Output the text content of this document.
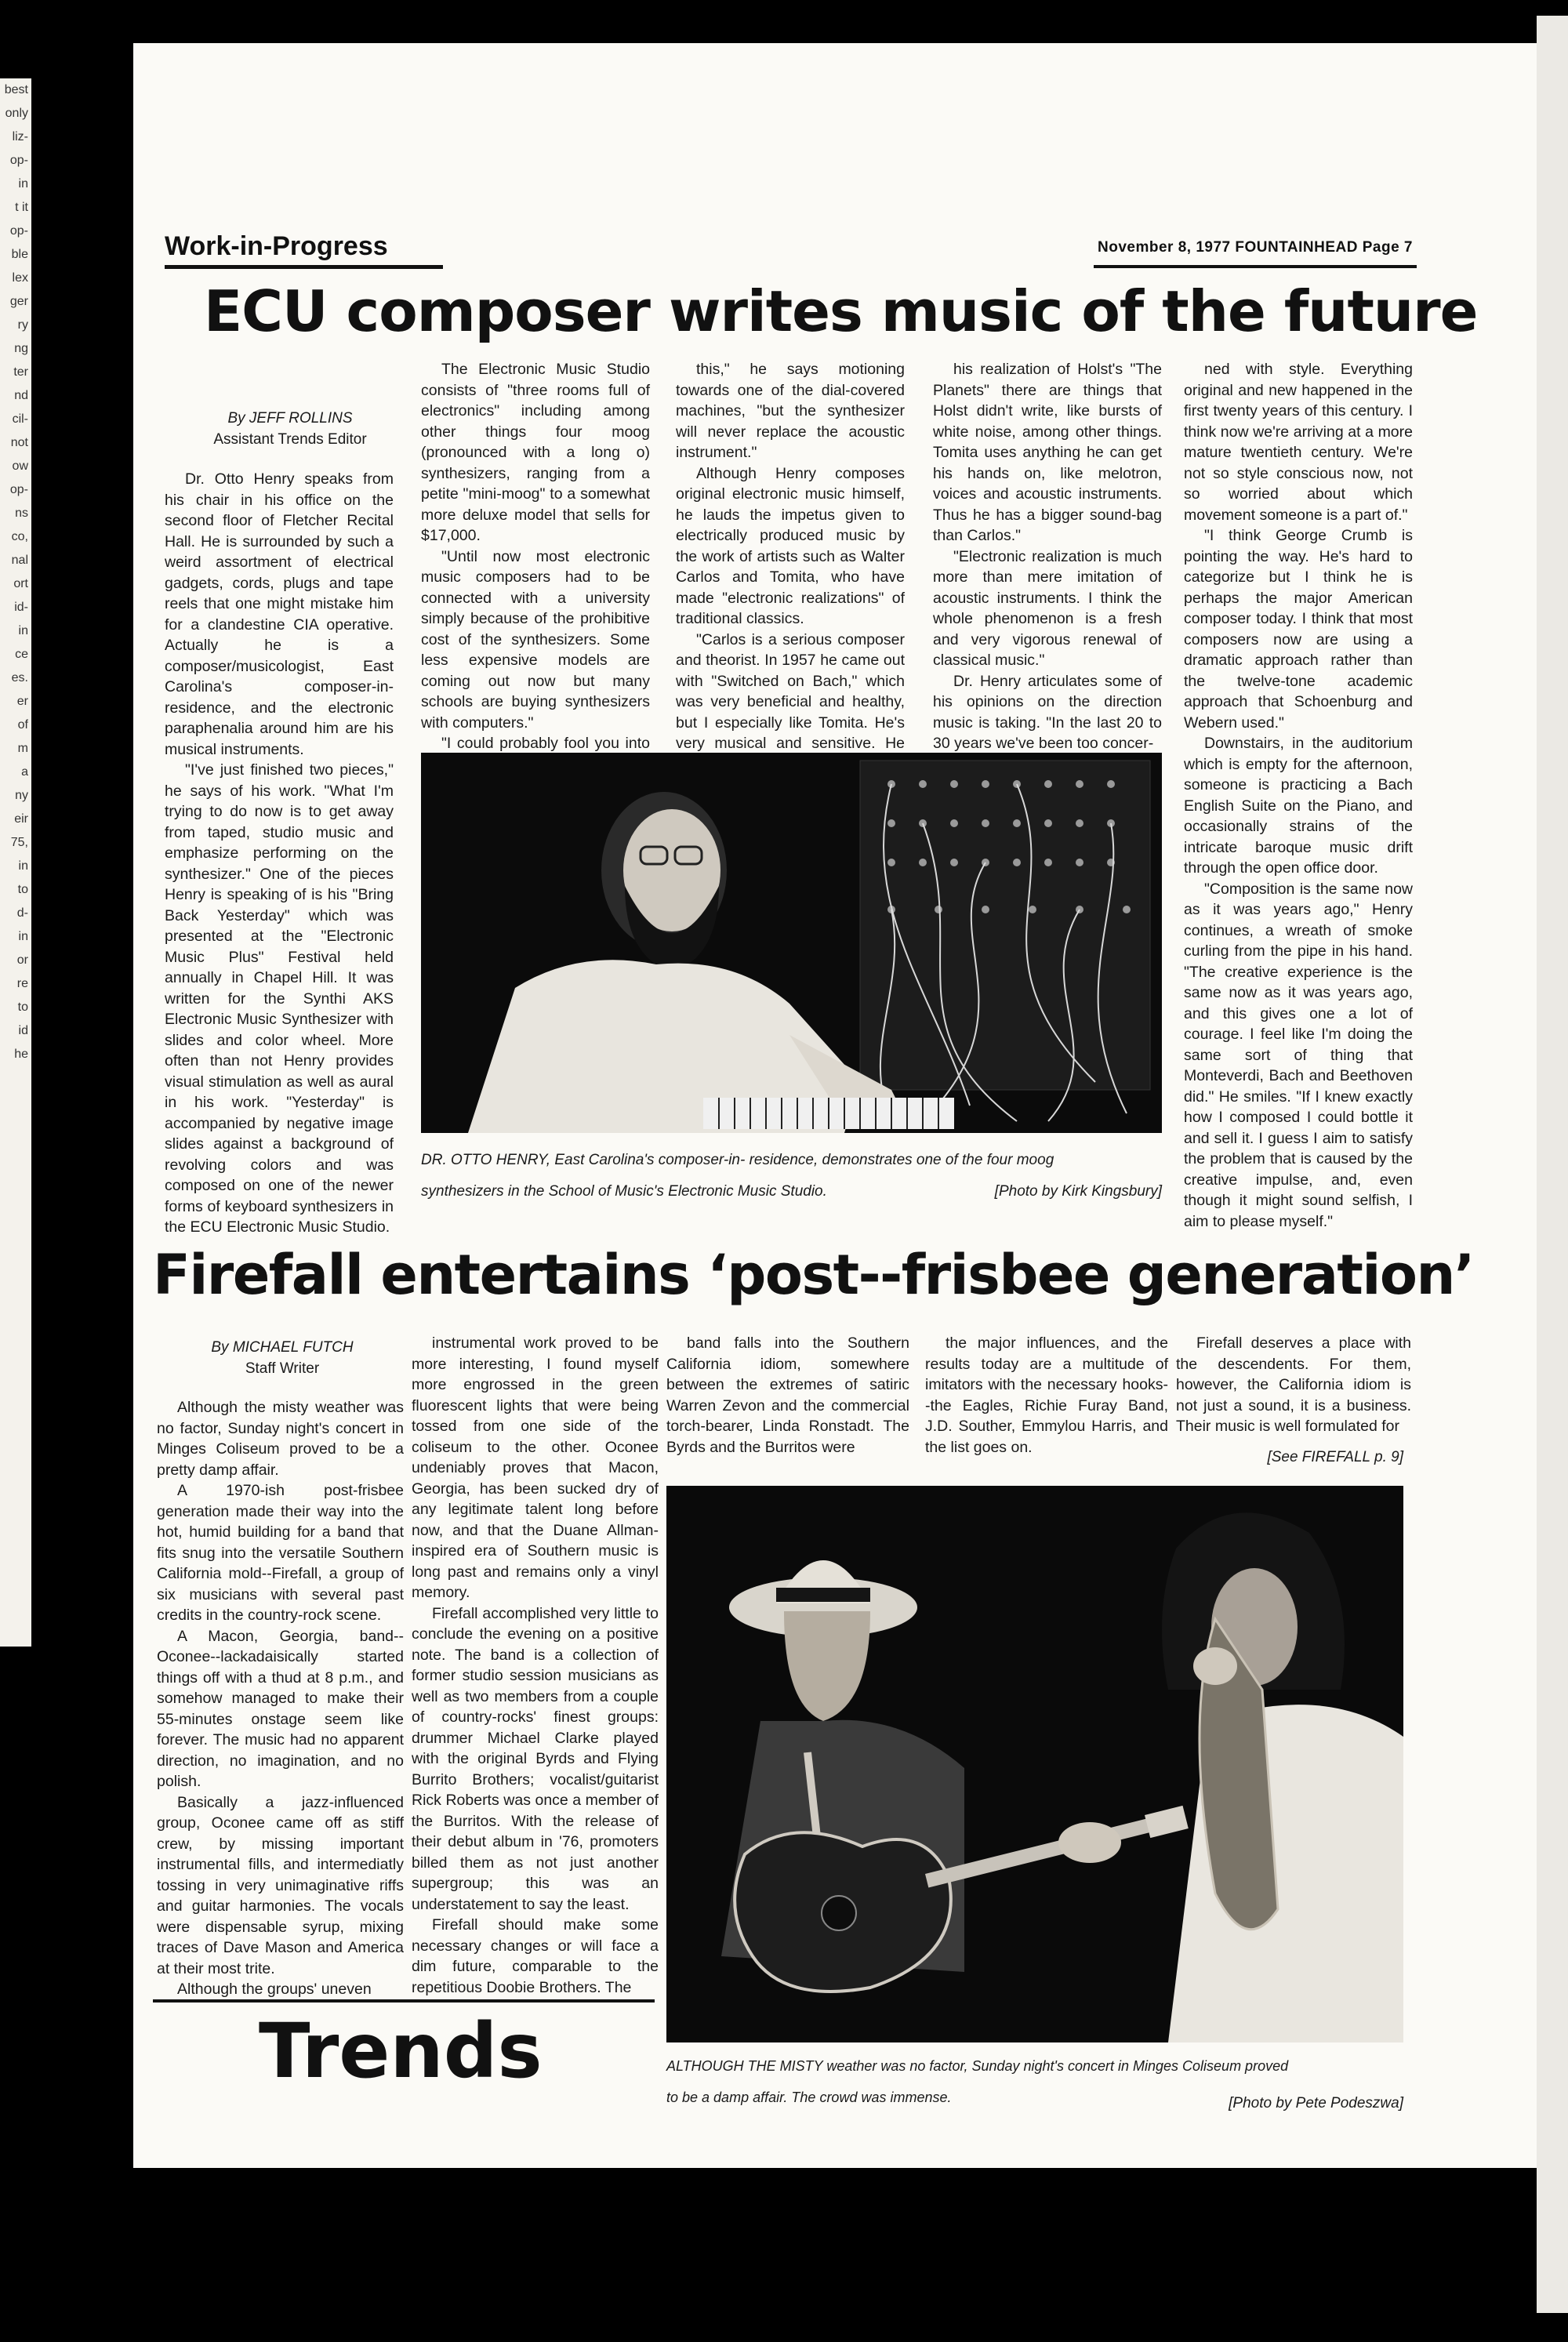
best

only

liz-

op-

in

t it

op-

ble

lex

ger

ry

ng

ter

nd

cil-

not

ow

op-

ns

co,

nal

ort

id-

in

ce

es.

er

of

m

a

ny

eir

75,

in

to

d-

in

or

re

to

id

he

Work-in-Progress	November 8, 1977 FOUNTAINHEAD Page 7
ECU composer writes music of the future
By JEFF ROLLINS
Assistant Trends Editor

Dr. Otto Henry speaks from his chair in his office on the second floor of Fletcher Recital Hall. He is surrounded by such a weird assortment of electrical gadgets, cords, plugs and tape reels that one might mistake him for a clandestine CIA operative. Actually he is a composer/musicologist, East Carolina's composer-in-residence, and the electronic paraphenalia around him are his musical instruments.

"I've just finished two pieces," he says of his work. "What I'm trying to do now is to get away from taped, studio music and emphasize performing on the synthesizer." One of the pieces Henry is speaking of is his "Bring Back Yesterday" which was presented at the "Electronic Music Plus" Festival held annually in Chapel Hill. It was written for the Synthi AKS Electronic Music Synthesizer with slides and color wheel. More often than not Henry provides visual stimulation as well as aural in his work. "Yesterday" is accompanied by negative image slides against a background of revolving colors and was composed on one of the newer forms of keyboard synthesizers in the ECU Electronic Music Studio.

The Electronic Music Studio consists of "three rooms full of electronics" including among other things four moog (pronounced with a long o) synthesizers, ranging from a petite "mini-moog" to a somewhat more deluxe model that sells for $17,000.

"Until now most electronic music composers had to be connected with a university simply because of the prohibitive cost of the synthesizers. Some less expensive models are coming out now but many schools are buying synthesizers with computers."

"I could probably fool you into

this," he says motioning towards one of the dial-covered machines, "but the synthesizer will never replace the acoustic instrument."

Although Henry composes original electronic music himself, he lauds the impetus given to electrically produced music by the work of artists such as Walter Carlos and Tomita, who have made "electronic realizations" of traditional classics.

"Carlos is a serious composer and theorist. In 1957 he came out with "Switched on Bach," which was very beneficial and healthy, but I especially like Tomita. He's very musical and sensitive. He

his realization of Holst's "The Planets" there are things that Holst didn't write, like bursts of white noise, among other things. Tomita uses anything he can get his hands on, like melotron, voices and acoustic instruments. Thus he has a bigger sound-bag than Carlos."

"Electronic realization is much more than mere imitation of acoustic instruments. I think the whole phenomenon is a fresh and very vigorous renewal of classical music."

Dr. Henry articulates some of his opinions on the direction music is taking. "In the last 20 to 30 years we've been too concer-

ned with style. Everything original and new happened in the first twenty years of this century. I think now we're arriving at a more mature twentieth century. We're not so style conscious now, not so worried about which movement someone is a part of."

"I think George Crumb is pointing the way. He's hard to categorize but I think he is perhaps the major American composer today. I think that most composers now are using a dramatic approach rather than the twelve-tone academic approach that Schoenburg and Webern used."

Downstairs, in the auditorium which is empty for the afternoon, someone is practicing a Bach English Suite on the Piano, and occasionally strains of the intricate baroque music drift through the open office door.

"Composition is the same now as it was years ago," Henry continues, a wreath of smoke curling from the pipe in his hand. "The creative experience is the same now as it was years ago, and this gives one a lot of courage. I feel like I'm doing the same sort of thing that Monteverdi, Bach and Beethoven did." He smiles. "If I knew exactly how I composed I could bottle it and sell it. I guess I aim to satisfy the problem that is caused by the creative impulse, and, even though it might sound selfish, I aim to please myself."

DR. OTTO HENRY, East Carolina's composer-in- residence, demonstrates one of the four moog
synthesizers in the School of Music's Electronic Music Studio.	[Photo by Kirk Kingsbury]
Firefall entertains ‘post--frisbee generation’
By MICHAEL FUTCH
Staff Writer

Although the misty weather was no factor, Sunday night's concert in Minges Coliseum proved to be a pretty damp affair.

A 1970-ish post-frisbee generation made their way into the hot, humid building for a band that fits snug into the versatile Southern California mold--Firefall, a group of six musicians with several past credits in the country-rock scene.

A Macon, Georgia, band--Oconee--lackadaisically started things off with a thud at 8 p.m., and somehow managed to make their 55-minutes onstage seem like forever. The music had no apparent direction, no imagination, and no polish.

Basically a jazz-influenced group, Oconee came off as stiff crew, by missing important instrumental fills, and intermediatly tossing in very unimaginative riffs and guitar harmonies. The vocals were dispensable syrup, mixing traces of Dave Mason and America at their most trite.

Although the groups' uneven

instrumental work proved to be more interesting, I found myself more engrossed in the green fluorescent lights that were being tossed from one side of the coliseum to the other. Oconee undeniably proves that Macon, Georgia, has been sucked dry of any legitimate talent long before now, and that the Duane Allman-inspired era of Southern music is long past and remains only a vinyl memory.

Firefall accomplished very little to conclude the evening on a positive note. The band is a collection of former studio session musicians as well as two members from a couple of country-rocks' finest groups: drummer Michael Clarke played with the original Byrds and Flying Burrito Brothers; vocalist/guitarist Rick Roberts was once a member of the Burritos. With the release of their debut album in '76, promoters billed them as not just another supergroup; this was an understatement to say the least.

Firefall should make some necessary changes or will face a dim future, comparable to the repetitious Doobie Brothers. The

band falls into the Southern California idiom, somewhere between the extremes of satiric Warren Zevon and the commercial torch-bearer, Linda Ronstadt. The Byrds and the Burritos were

the major influences, and the results today are a multitude of imitators with the necessary hooks--the Eagles, Richie Furay Band, J.D. Souther, Emmylou Harris, and the list goes on.

Firefall deserves a place with the descendents. For them, however, the California idiom is not just a sound, it is a business. Their music is well formulated for

[See FIREFALL p. 9]
ALTHOUGH THE MISTY weather was no factor, Sunday night's concert in Minges Coliseum proved
to be a damp affair. The crowd was immense.	[Photo by Pete Podeszwa]
Trends
